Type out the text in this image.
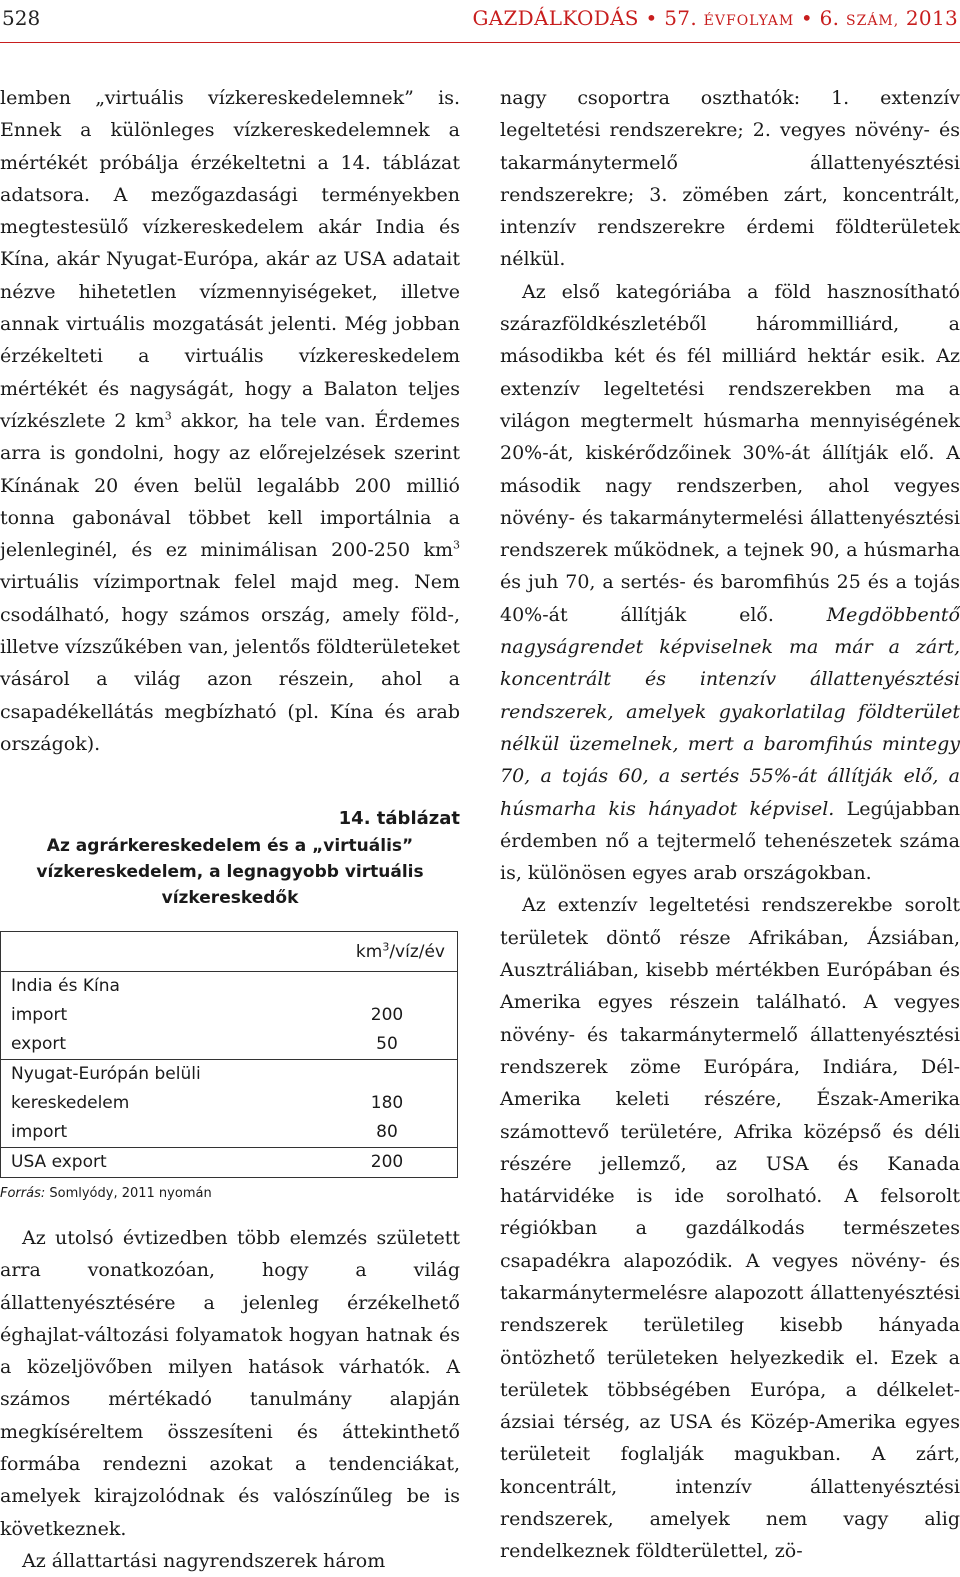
528	GAZDÁLKODÁS • 57. ÉVFOLYAM • 6. SZÁM, 2013

lemben „virtuális vízkereskedelemnek” is. Ennek a különleges vízkereskedelemnek a mértékét próbálja érzékeltetni a 14. táblázat adatsora. A mezőgazdasági terményekben megtestesülő vízkereskedelem akár India és Kína, akár Nyugat-Európa, akár az USA adatait nézve hihetetlen vízmennyiségeket, illetve annak virtuális mozgatását jelenti. Még jobban érzékelteti a virtuális vízkereskedelem mértékét és nagyságát, hogy a Balaton teljes vízkészlete 2 $km^3$ akkor, ha tele van. Érdemes arra is gondolni, hogy az előrejelzések szerint Kínának 20 éven belül legalább 200 millió tonna gabonával többet kell importálnia a jelenleginél, és ez minimálisan 200-250 $km^3$ virtuális vízimportnak felel majd meg. Nem csodálható, hogy számos ország, amely föld-, illetve vízszűkében van, jelentős földterületeket vásárol a világ azon részein, ahol a csapadékellátás megbízható (pl. Kína és arab országok).

14. táblázat
Az agrárkereskedelem és a „virtuális” vízkereskedelem, a legnagyobb virtuális vízkereskedők
$km^3/víz/év$	
India és Kína	
import	200
export	50
Nyugat-Európán belüli	
kereskedelem	180
import	80
USA export	200
Forrás: Somlyódy, 2011 nyomán

Az utolsó évtizedben több elemzés született arra vonatkozóan, hogy a világ állattenyésztésére a jelenleg érzékelhető éghajlat-változási folyamatok hogyan hatnak és a közeljövőben milyen hatások várhatók. A számos mértékadó tanulmány alapján megkíséreltem összesíteni és áttekinthető formába rendezni azokat a tendenciákat, amelyek kirajzolódnak és valószínűleg be is következnek.

Az állattartási nagyrendszerek három

nagy csoportra oszthatók: 1. extenzív legeltetési rendszerekre; 2. vegyes növény- és takarmánytermelő állattenyésztési rendszerekre; 3. zömében zárt, koncentrált, intenzív rendszerekre érdemi földterületek nélkül.

Az első kategóriába a föld hasznosítható szárazföldkészletéből hárommilliárd, a másodikba két és fél milliárd hektár esik. Az extenzív legeltetési rendszerekben ma a világon megtermelt húsmarha mennyiségének 20%-át, kiskérődzőinek 30%-át állítják elő. A második nagy rendszerben, ahol vegyes növény- és takarmánytermelési állattenyésztési rendszerek működnek, a tejnek 90, a húsmarha és juh 70, a sertés- és baromfihús 25 és a tojás 40%-át állítják elő. Megdöbbentő nagyságrendet képviselnek ma már a zárt, koncentrált és intenzív állattenyésztési rendszerek, amelyek gyakorlatilag földterület nélkül üzemelnek, mert a baromfihús mintegy 70, a tojás 60, a sertés 55%-át állítják elő, a húsmarha kis hányadot képvisel. Legújabban érdemben nő a tejtermelő tehenészetek száma is, különösen egyes arab országokban.

Az extenzív legeltetési rendszerekbe sorolt területek döntő része Afrikában, Ázsiában, Ausztráliában, kisebb mértékben Európában és Amerika egyes részein található. A vegyes növény- és takarmánytermelő állattenyésztési rendszerek zöme Európára, Indiára, Dél-Amerika keleti részére, Észak-Amerika számottevő területére, Afrika középső és déli részére jellemző, az USA és Kanada határvidéke is ide sorolható. A felsorolt régiókban a gazdálkodás természetes csapadékra alapozódik. A vegyes növény- és takarmánytermelésre alapozott állattenyésztési rendszerek területileg kisebb hányada öntözhető területeken helyezkedik el. Ezek a területek többségében Európa, a délkelet-ázsiai térség, az USA és Közép-Amerika egyes területeit foglalják magukban. A zárt, koncentrált, intenzív állattenyésztési rendszerek, amelyek nem vagy alig rendelkeznek földterülettel, zö-
